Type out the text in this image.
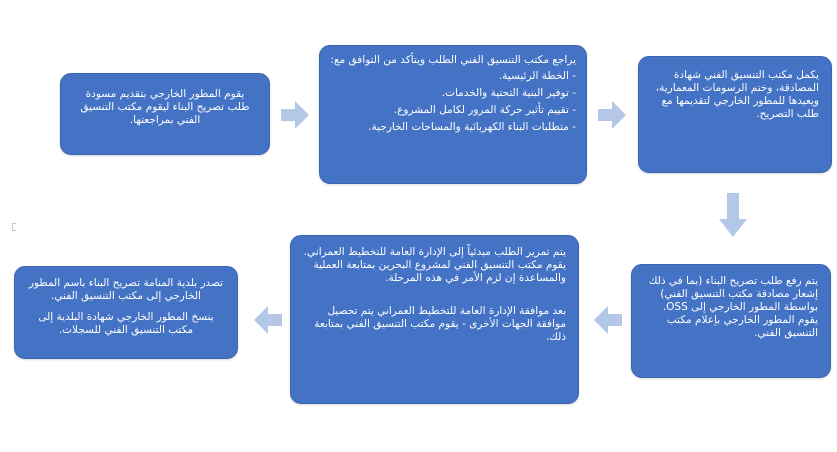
يقوم المطور الخارجي بتقديم مسودة طلب تصريح البناء ليقوم مكتب التنسيق الفني بمراجعتها.

يراجع مكتب التنسيق الفني الطلب ويتأكد من التوافق مع:

- الخطة الرئيسية.

- توفير البنية التحتية والخدمات.

- تقييم تأثير حركة المرور لكامل المشروع.

- متطلبات البناء الكهربائية والمساحات الخارجية.

يكمل مكتب التنسيق الفني شهادة المصادقة، وختم الرسومات المعمارية، ويعيدها للمطور الخارجي لتقديمها مع طلب التصريح.

تصدر بلدية المنامة تصريح البناء باسم المطور الخارجي إلى مكتب التنسيق الفني.

ينسخ المطور الخارجي شهادة البلدية إلى مكتب التنسيق الفني للسجلات.

يتم تمرير الطلب مبدئياً إلى الإدارة العامة للتخطيط العمراني. يقوم مكتب التنسيق الفني لمشروع البحرين بمتابعة العملية والمساعدة إن لزم الأمر في هذه المرحلة.

بعد موافقة الإدارة العامة للتخطيط العمراني يتم تحصيل موافقة الجهات الأخرى - يقوم مكتب التنسيق الفني بمتابعة ذلك.

يتم رفع طلب تصريح البناء (بما في ذلك إشعار مصادقة مكتب التنسيق الفني) بواسطة المطور الخارجي إلى OSS. يقوم المطور الخارجي بإعلام مكتب التنسيق الفني.
